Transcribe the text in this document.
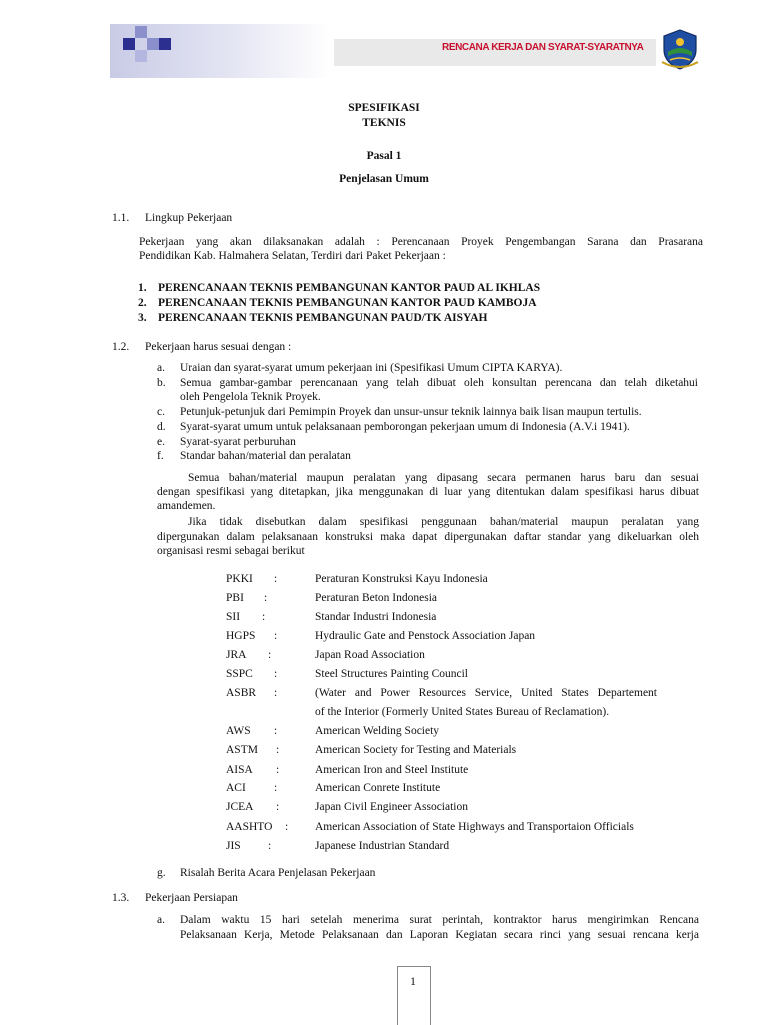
RENCANA KERJA DAN SYARAT-SYARATNYA
SPESIFIKASI
TEKNIS
Pasal 1
Penjelasan Umum
1.1. Lingkup Pekerjaan
Pekerjaan yang akan dilaksanakan adalah : Perencanaan Proyek Pengembangan Sarana dan Prasarana
Pendidikan Kab. Halmahera Selatan, Terdiri dari Paket Pekerjaan :
1. PERENCANAAN TEKNIS PEMBANGUNAN KANTOR PAUD AL IKHLAS
2. PERENCANAAN TEKNIS PEMBANGUNAN KANTOR PAUD KAMBOJA
3. PERENCANAAN TEKNIS PEMBANGUNAN PAUD/TK AISYAH
1.2. Pekerjaan harus sesuai dengan :
a. Uraian dan syarat-syarat umum pekerjaan ini (Spesifikasi Umum CIPTA KARYA).
b. Semua gambar-gambar perencanaan yang telah dibuat oleh konsultan perencana dan telah diketahui
oleh Pengelola Teknik Proyek.
c. Petunjuk-petunjuk dari Pemimpin Proyek dan unsur-unsur teknik lainnya baik lisan maupun tertulis.
d. Syarat-syarat umum untuk pelaksanaan pemborongan pekerjaan umum di Indonesia (A.V.i 1941).
e. Syarat-syarat perburuhan
f. Standar bahan/material dan peralatan
Semua bahan/material maupun peralatan yang dipasang secara permanen harus baru dan sesuai
dengan spesifikasi yang ditetapkan, jika menggunakan di luar yang ditentukan dalam spesifikasi harus dibuat
amandemen.
Jika tidak disebutkan dalam spesifikasi penggunaan bahan/material maupun peralatan yang
dipergunakan dalam pelaksanaan konstruksi maka dapat dipergunakan daftar standar yang dikeluarkan oleh
organisasi resmi sebagai berikut
PKKI :	Peraturan Konstruksi Kayu Indonesia
PBI :	Peraturan Beton Indonesia
SII :	Standar Industri Indonesia
HGPS :	Hydraulic Gate and Penstock Association Japan
JRA :	Japan Road Association
SSPC :	Steel Structures Painting Council
ASBR :	(Water and Power Resources Service, United States Departement
of the Interior (Formerly United States Bureau of Reclamation).
AWS :	American Welding Society
ASTM :	American Society for Testing and Materials
AISA :	American Iron and Steel Institute
ACI :	American Conrete Institute
JCEA :	Japan Civil Engineer Association
AASHTO : American Association of State Highways and Transportaion Officials
JIS :	Japanese Industrian Standard
g. Risalah Berita Acara Penjelasan Pekerjaan
1.3. Pekerjaan Persiapan
a. Dalam waktu 15 hari setelah menerima surat perintah, kontraktor harus mengirimkan Rencana
Pelaksanaan Kerja, Metode Pelaksanaan dan Laporan Kegiatan secara rinci yang sesuai rencana kerja
1
